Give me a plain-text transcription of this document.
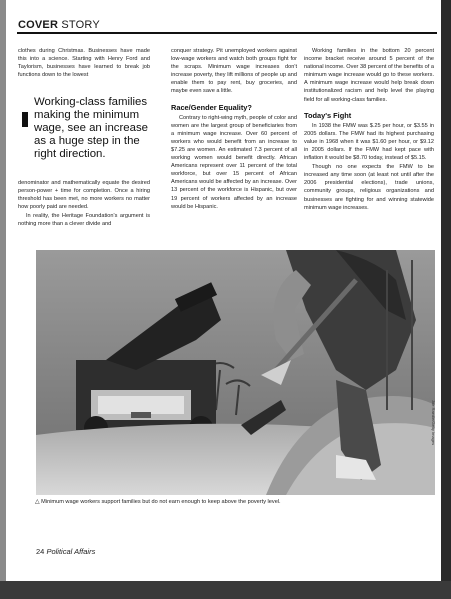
COVER STORY

clothes during Christmas. Businesses have made this into a science. Starting with Henry Ford and Taylorism, businesses have learned to break job functions down to the lowest

Working-class families making the minimum wage, see an increase as a huge step in the right direction.

denominator and mathematically equate the desired person-power + time for completion. Once a hiring threshold has been met, no more workers no matter how poorly paid are needed.

In reality, the Heritage Foundation's argument is nothing more than a clever divide and

conquer strategy. Pit unemployed workers against low-wage workers and watch both groups fight for the scraps. Minimum wage increases don't increase poverty, they lift millions of people up and enable them to pay rent, buy groceries, and maybe even save a little.

Race/Gender Equality?

Contrary to right-wing myth, people of color and women are the largest group of beneficiaries from a minimum wage increase. Over 60 percent of workers who would benefit from an increase to $7.25 are women. An estimated 7.3 percent of all working women would benefit directly. African Americans represent over 11 percent of the total workforce, but over 15 percent of African Americans would be affected by an increase. Over 13 percent of the workforce is Hispanic, but over 19 percent of workers affected by an increase would be Hispanic.

Working families in the bottom 20 percent income bracket receive around 5 percent of the national income. Over 38 percent of the benefits of a minimum wage increase would go to these workers. A minimum wage increase would help break down institutionalized racism and help level the playing field for all working-class families.

Today's Fight

In 1938 the FMW was $.25 per hour, or $3.55 in 2005 dollars. The FMW had its highest purchasing value in 1968 when it was $1.60 per hour, or $9.12 in 2005 dollars. If the FMW had kept pace with inflation it would be $8.70 today, instead of $5.15.

Though no one expects the FMW to be increased any time soon (at least not until after the 2006 presidential elections), trade unions, community groups, religious organizations and businesses are fighting for and winning statewide minimum wage increases.

Joe Raedle/Getty Images
△ Minimum wage workers support families but do not earn enough to keep above the poverty level.
24 Political Affairs
